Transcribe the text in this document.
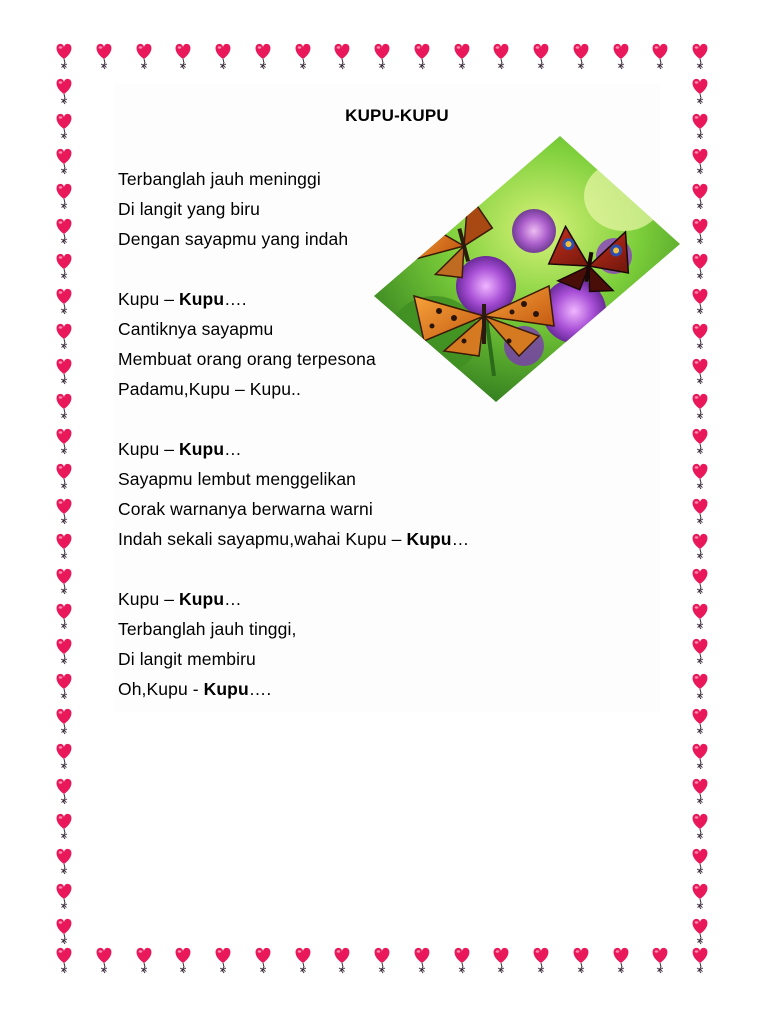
KUPU-KUPU
Terbanglah jauh meninggi
Di langit yang biru
Dengan sayapmu yang indah
Kupu – Kupu….
Cantiknya sayapmu
Membuat orang orang terpesona
Padamu,Kupu – Kupu..
Kupu – Kupu…
Sayapmu lembut menggelikan
Corak warnanya berwarna warni
Indah sekali sayapmu,wahai Kupu – Kupu…
Kupu – Kupu…
Terbanglah jauh tinggi,
Di langit membiru
Oh,Kupu - Kupu….
